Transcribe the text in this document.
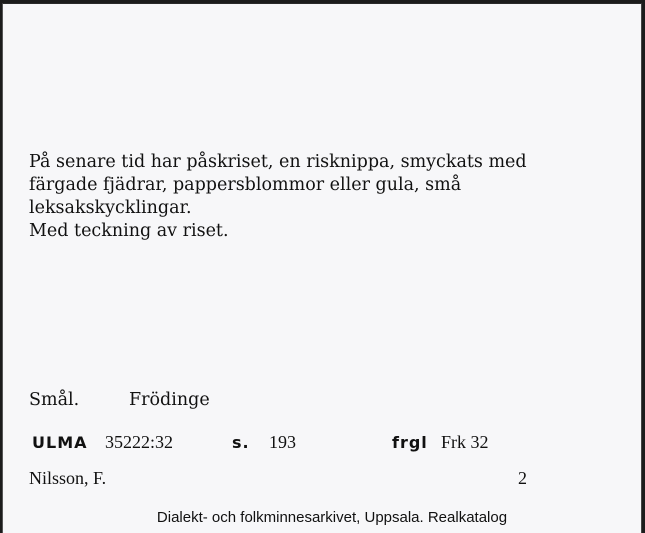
På senare tid har påskriset, en risknippa, smyckats med
färgade fjädrar, pappersblommor eller gula, små
leksakskycklingar.
Med teckning av riset.
Smål.	Frödinge
ULMA 35222:32	s. 193	frgl Frk 32
Nilsson, F.	2
Dialekt- och folkminnesarkivet, Uppsala. Realkatalog
